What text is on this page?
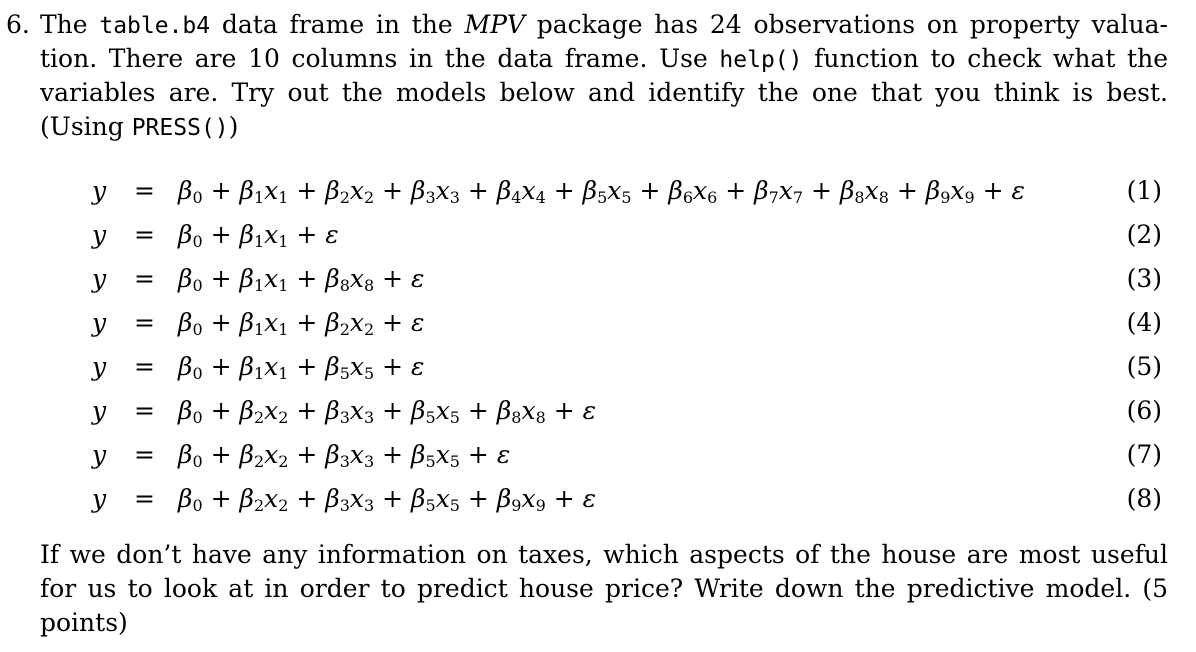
6. The table.b4 data frame in the MPV package has 24 observations on property valua-
tion. There are 10 columns in the data frame. Use help() function to check what the
variables are. Try out the models below and identify the one that you think is best.
(Using PRESS())
$y = \beta_0 + \beta_1x_1 + \beta_2x_2 + \beta_3x_3 + \beta_4x_4 + \beta_5x_5 + \beta_6x_6 + \beta_7x_7 + \beta_8x_8 + \beta_9x_9 + \varepsilon$	(1)
$y = \beta_0 + \beta_1x_1 + \varepsilon$	(2)
$y = \beta_0 + \beta_1x_1 + \beta_8x_8 + \varepsilon$	(3)
$y = \beta_0 + \beta_1x_1 + \beta_2x_2 + \varepsilon$	(4)
$y = \beta_0 + \beta_1x_1 + \beta_5x_5 + \varepsilon$	(5)
$y = \beta_0 + \beta_2x_2 + \beta_3x_3 + \beta_5x_5 + \beta_8x_8 + \varepsilon$	(6)
$y = \beta_0 + \beta_2x_2 + \beta_3x_3 + \beta_5x_5 + \varepsilon$	(7)
$y = \beta_0 + \beta_2x_2 + \beta_3x_3 + \beta_5x_5 + \beta_9x_9 + \varepsilon$	(8)
If we don’t have any information on taxes, which aspects of the house are most useful
for us to look at in order to predict house price? Write down the predictive model. (5
points)
